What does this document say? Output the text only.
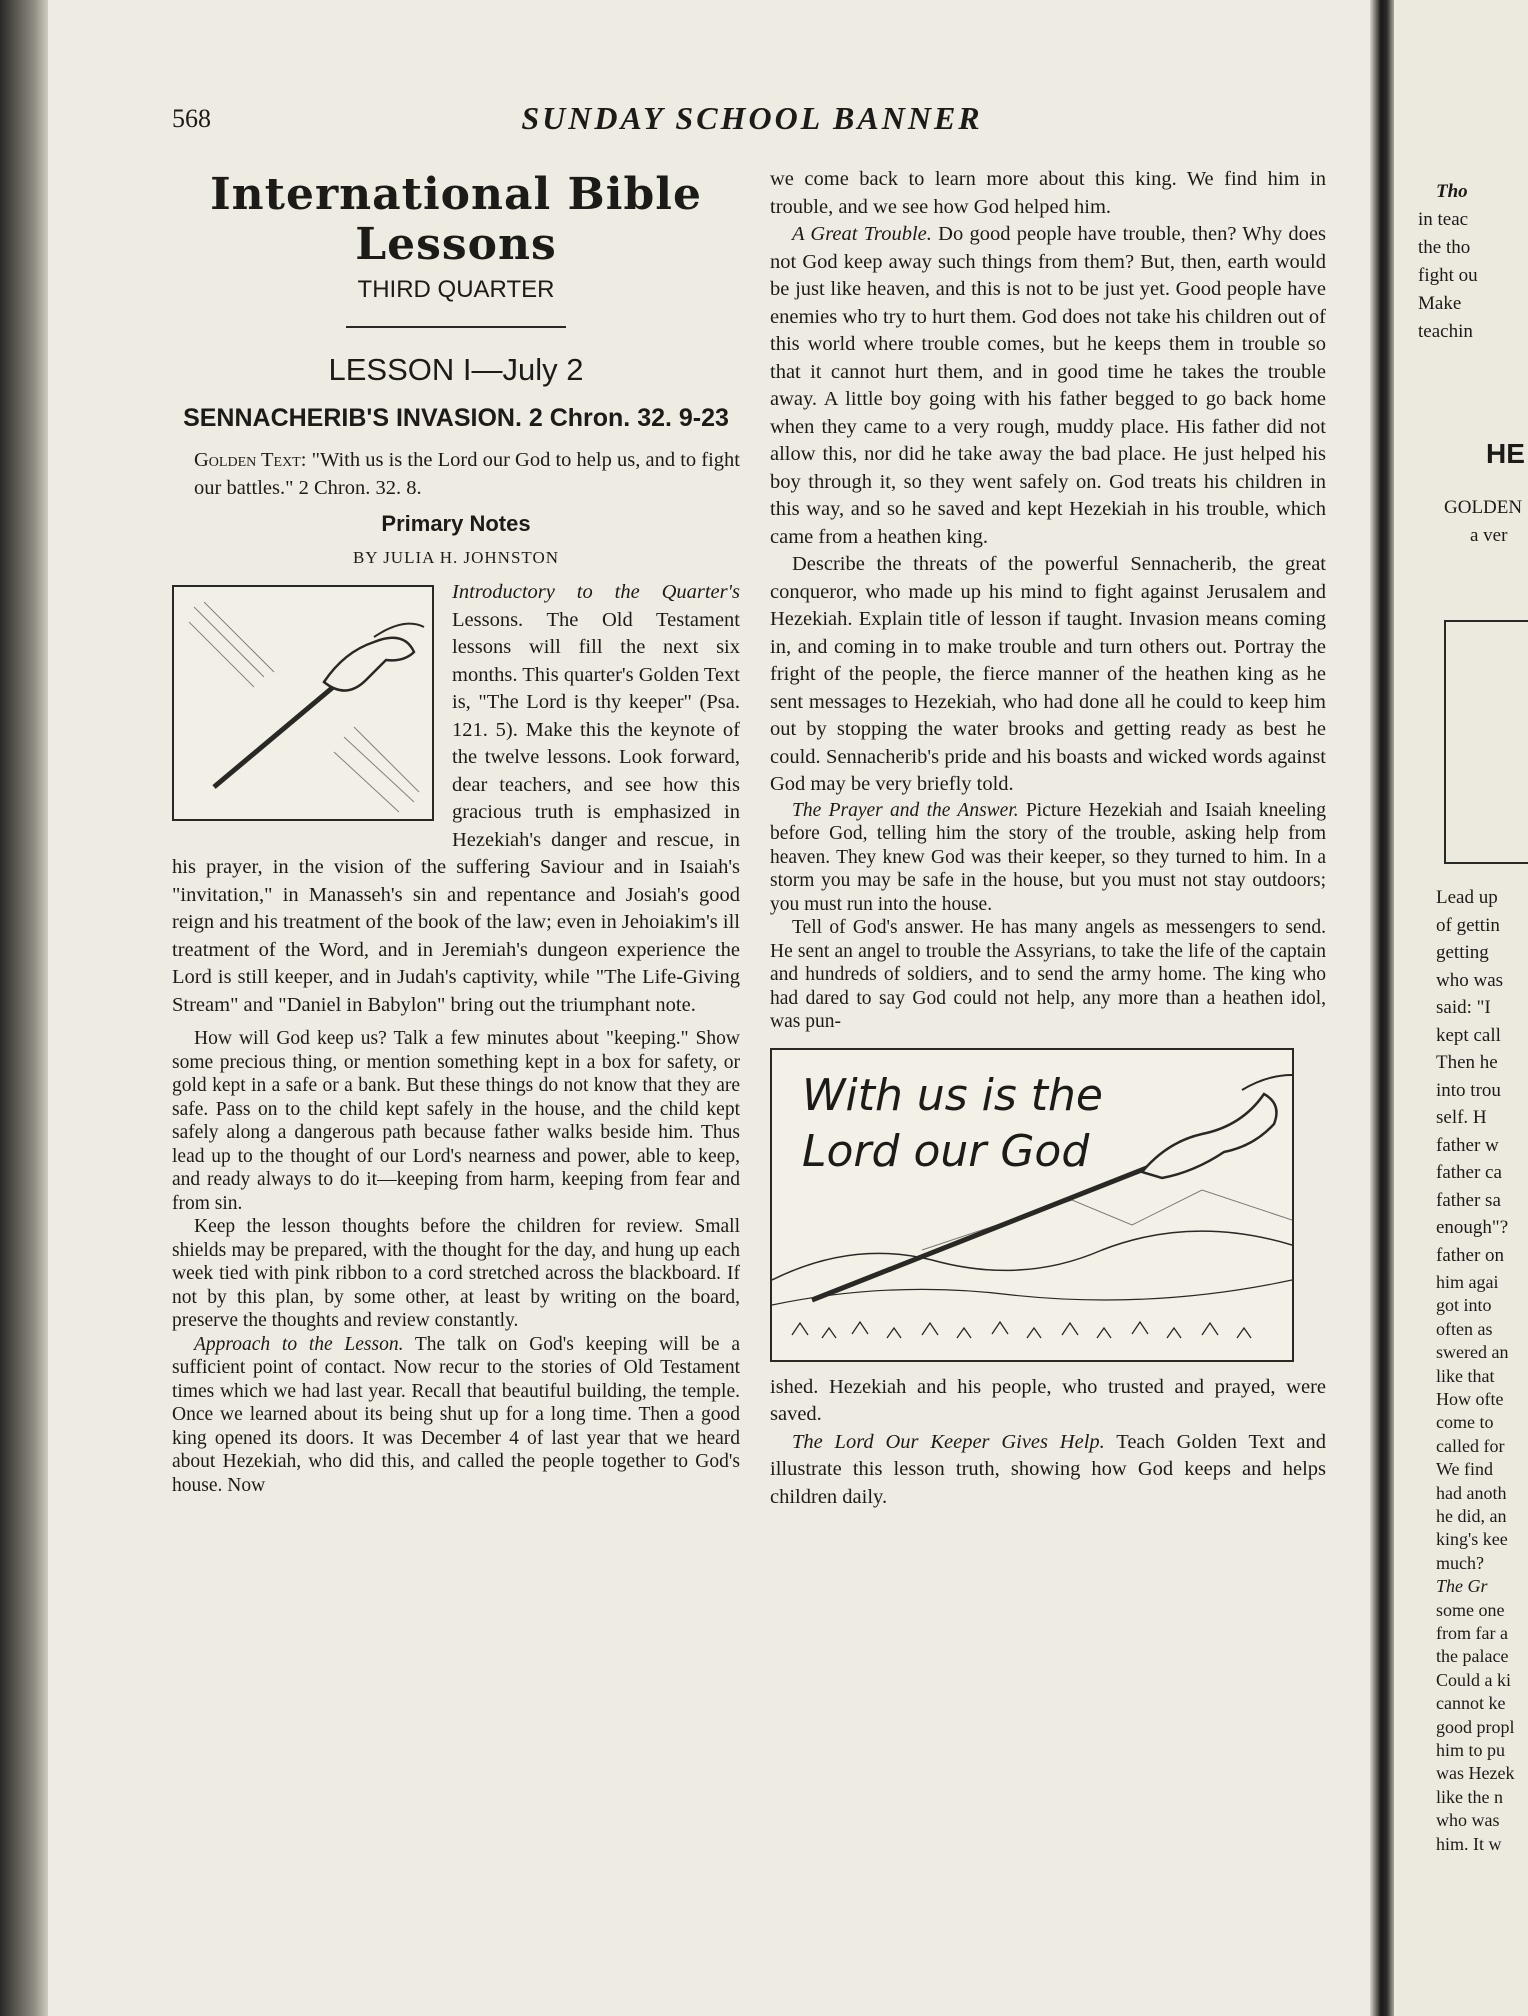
568	SUNDAY SCHOOL BANNER
International Bible Lessons
THIRD QUARTER
LESSON I—July 2
SENNACHERIB'S INVASION. 2 Chron. 32. 9-23

Golden Text: "With us is the Lord our God to help us, and to fight our battles." 2 Chron. 32. 8.

Primary Notes
BY JULIA H. JOHNSTON

Introductory to the Quarter's Lessons. The Old Testament lessons will fill the next six months. This quarter's Golden Text is, "The Lord is thy keeper" (Psa. 121. 5). Make this the keynote of the twelve lessons. Look forward, dear teachers, and see how this gracious truth is emphasized in Hezekiah's danger and rescue, in his prayer, in the vision of the suffering Saviour and in Isaiah's "invitation," in Manasseh's sin and repentance and Josiah's good reign and his treatment of the book of the law; even in Jehoiakim's ill treatment of the Word, and in Jeremiah's dungeon experience the Lord is still keeper, and in Judah's captivity, while "The Life-Giving Stream" and "Daniel in Babylon" bring out the triumphant note.

How will God keep us? Talk a few minutes about "keeping." Show some precious thing, or mention something kept in a box for safety, or gold kept in a safe or a bank. But these things do not know that they are safe. Pass on to the child kept safely in the house, and the child kept safely along a dangerous path because father walks beside him. Thus lead up to the thought of our Lord's nearness and power, able to keep, and ready always to do it—keeping from harm, keeping from fear and from sin.

Keep the lesson thoughts before the children for review. Small shields may be prepared, with the thought for the day, and hung up each week tied with pink ribbon to a cord stretched across the blackboard. If not by this plan, by some other, at least by writing on the board, preserve the thoughts and review constantly.

Approach to the Lesson. The talk on God's keeping will be a sufficient point of contact. Now recur to the stories of Old Testament times which we had last year. Recall that beautiful building, the temple. Once we learned about its being shut up for a long time. Then a good king opened its doors. It was December 4 of last year that we heard about Hezekiah, who did this, and called the people together to God's house. Now

we come back to learn more about this king. We find him in trouble, and we see how God helped him.

A Great Trouble. Do good people have trouble, then? Why does not God keep away such things from them? But, then, earth would be just like heaven, and this is not to be just yet. Good people have enemies who try to hurt them. God does not take his children out of this world where trouble comes, but he keeps them in trouble so that it cannot hurt them, and in good time he takes the trouble away. A little boy going with his father begged to go back home when they came to a very rough, muddy place. His father did not allow this, nor did he take away the bad place. He just helped his boy through it, so they went safely on. God treats his children in this way, and so he saved and kept Hezekiah in his trouble, which came from a heathen king.

Describe the threats of the powerful Sennacherib, the great conqueror, who made up his mind to fight against Jerusalem and Hezekiah. Explain title of lesson if taught. Invasion means coming in, and coming in to make trouble and turn others out. Portray the fright of the people, the fierce manner of the heathen king as he sent messages to Hezekiah, who had done all he could to keep him out by stopping the water brooks and getting ready as best he could. Sennacherib's pride and his boasts and wicked words against God may be very briefly told.

The Prayer and the Answer. Picture Hezekiah and Isaiah kneeling before God, telling him the story of the trouble, asking help from heaven. They knew God was their keeper, so they turned to him. In a storm you may be safe in the house, but you must not stay outdoors; you must run into the house.

Tell of God's answer. He has many angels as messengers to send. He sent an angel to trouble the Assyrians, to take the life of the captain and hundreds of soldiers, and to send the army home. The king who had dared to say God could not help, any more than a heathen idol, was pun-

With us is the
Lord our God

ished. Hezekiah and his people, who trusted and prayed, were saved.

The Lord Our Keeper Gives Help. Teach Golden Text and illustrate this lesson truth, showing how God keeps and helps children daily.

Tho
in teac
the tho
fight ou
Make
teachin
HE
GOLDEN
a ver
Lead up
of gettin
getting
who was
said: "I
kept call
Then he
into trou
self. H
father w
father ca
father sa
enough"?
father on
him agai
got into
often as
swered an
like that
How ofte
come to
called for
We find
had anoth
he did, an
king's kee
much?
The Gr
some one
from far a
the palace
Could a ki
cannot ke
good propl
him to pu
was Hezek
like the n
who was
him. It w
